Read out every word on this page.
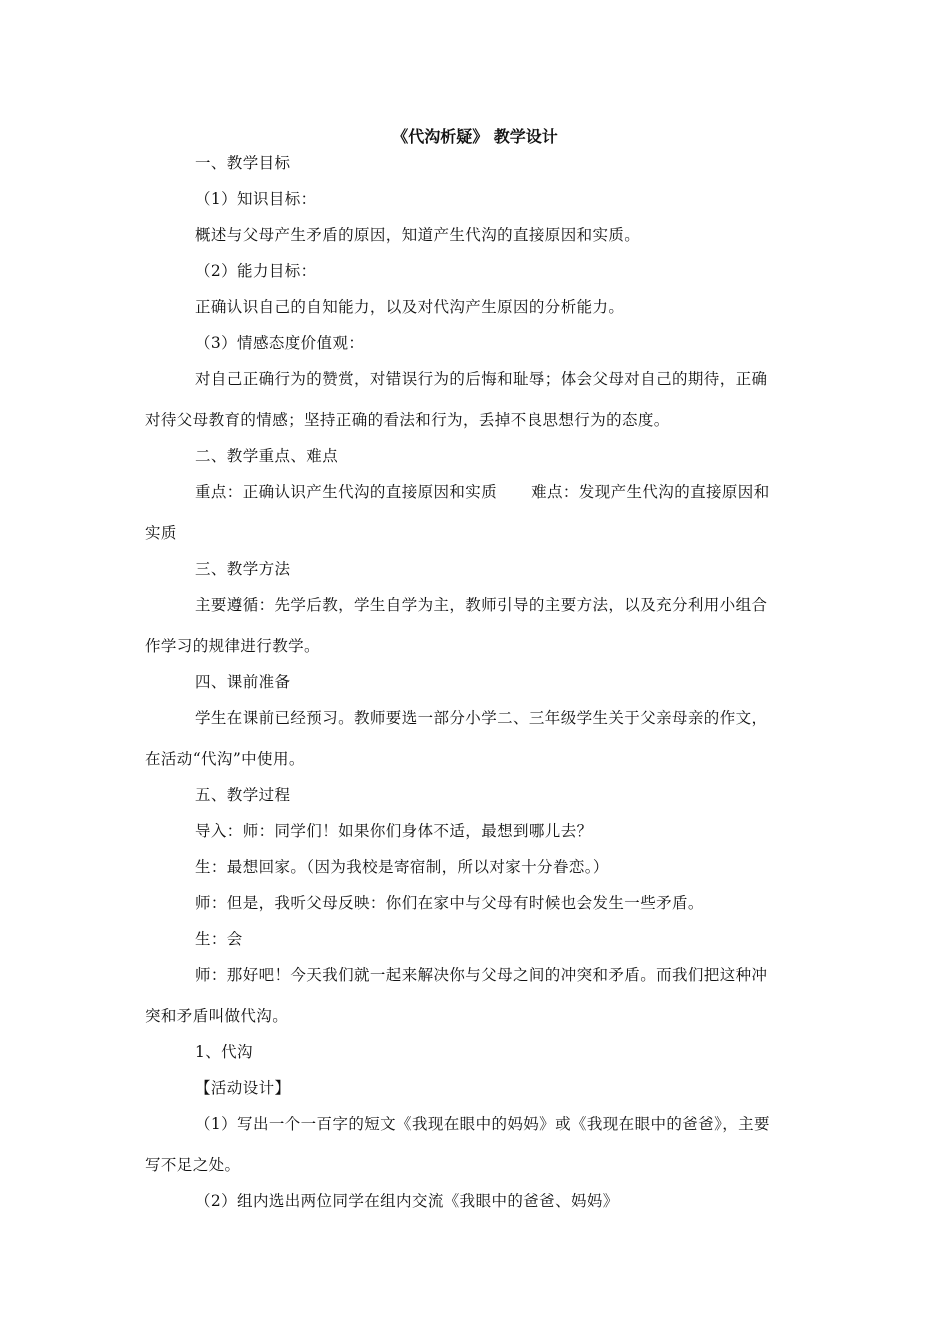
《代沟析疑》 教学设计
一、教学目标
（1）知识目标：
概述与父母产生矛盾的原因，知道产生代沟的直接原因和实质。
（2）能力目标：
正确认识自己的自知能力，以及对代沟产生原因的分析能力。
（3）情感态度价值观：
对自己正确行为的赞赏，对错误行为的后悔和耻辱；体会父母对自己的期待，正确
对待父母教育的情感；坚持正确的看法和行为，丢掉不良思想行为的态度。
二、教学重点、难点
重点：正确认识产生代沟的直接原因和实质 难点：发现产生代沟的直接原因和
实质
三、教学方法
主要遵循：先学后教，学生自学为主，教师引导的主要方法，以及充分利用小组合
作学习的规律进行教学。
四、课前准备
学生在课前已经预习。教师要选一部分小学二、三年级学生关于父亲母亲的作文，
在活动“代沟”中使用。
五、教学过程
导入：师：同学们！如果你们身体不适，最想到哪儿去？
生：最想回家。（因为我校是寄宿制，所以对家十分眷恋。）
师：但是，我听父母反映：你们在家中与父母有时候也会发生一些矛盾。
生：会
师：那好吧！今天我们就一起来解决你与父母之间的冲突和矛盾。而我们把这种冲
突和矛盾叫做代沟。
1、代沟
【活动设计】
（1）写出一个一百字的短文《我现在眼中的妈妈》或《我现在眼中的爸爸》，主要
写不足之处。
（2）组内选出两位同学在组内交流《我眼中的爸爸、妈妈》
